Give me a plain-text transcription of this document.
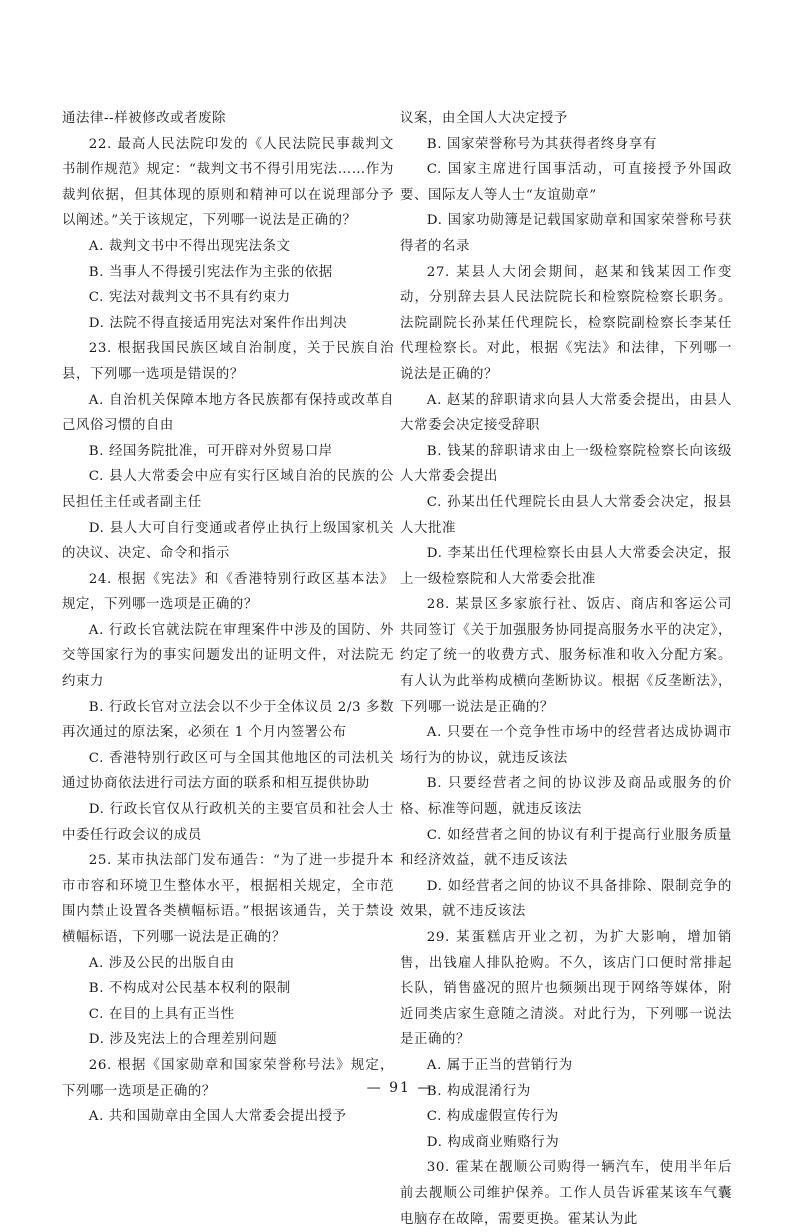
通法律--样被修改或者废除

22. 最高人民法院印发的《人民法院民事裁判文书制作规范》规定：“裁判文书不得引用宪法……作为裁判依据，但其体现的原则和精神可以在说理部分予以阐述。”关于该规定，下列哪一说法是正确的？

A. 裁判文书中不得出现宪法条文

B. 当事人不得援引宪法作为主张的依据

C. 宪法对裁判文书不具有约束力

D. 法院不得直接适用宪法对案件作出判决

23. 根据我国民族区域自治制度，关于民族自治县，下列哪一选项是错误的？

A. 自治机关保障本地方各民族都有保持或改革自己风俗习惯的自由

B. 经国务院批准，可开辟对外贸易口岸

C. 县人大常委会中应有实行区域自治的民族的公民担任主任或者副主任

D. 县人大可自行变通或者停止执行上级国家机关的决议、决定、命令和指示

24. 根据《宪法》和《香港特别行政区基本法》规定，下列哪一选项是正确的？

A. 行政长官就法院在审理案件中涉及的国防、外交等国家行为的事实问题发出的证明文件，对法院无约束力

B. 行政长官对立法会以不少于全体议员 2/3 多数再次通过的原法案，必须在 1 个月内签署公布

C. 香港特别行政区可与全国其他地区的司法机关通过协商依法进行司法方面的联系和相互提供协助

D. 行政长官仅从行政机关的主要官员和社会人士中委任行政会议的成员

25. 某市执法部门发布通告：“为了进一步提升本市市容和环境卫生整体水平，根据相关规定，全市范围内禁止设置各类横幅标语。”根据该通告，关于禁设横幅标语，下列哪一说法是正确的？

A. 涉及公民的出版自由

B. 不构成对公民基本权利的限制

C. 在目的上具有正当性

D. 涉及宪法上的合理差别问题

26. 根据《国家勋章和国家荣誉称号法》规定，下列哪一选项是正确的？

A. 共和国勋章由全国人大常委会提出授予

议案，由全国人大决定授予

B. 国家荣誉称号为其获得者终身享有

C. 国家主席进行国事活动，可直接授予外国政要、国际友人等人士“友谊勋章”

D. 国家功勋簿是记载国家勋章和国家荣誉称号获得者的名录

27. 某县人大闭会期间，赵某和钱某因工作变动，分别辞去县人民法院院长和检察院检察长职务。法院副院长孙某任代理院长，检察院副检察长李某任代理检察长。对此，根据《宪法》和法律，下列哪一说法是正确的？

A. 赵某的辞职请求向县人大常委会提出，由县人大常委会决定接受辞职

B. 钱某的辞职请求由上一级检察院检察长向该级人大常委会提出

C. 孙某出任代理院长由县人大常委会决定，报县人大批准

D. 李某出任代理检察长由县人大常委会决定，报上一级检察院和人大常委会批准

28. 某景区多家旅行社、饭店、商店和客运公司共同签订《关于加强服务协同提高服务水平的决定》，约定了统一的收费方式、服务标准和收入分配方案。有人认为此举构成横向垄断协议。根据《反垄断法》，下列哪一说法是正确的？

A. 只要在一个竞争性市场中的经营者达成协调市场行为的协议，就违反该法

B. 只要经营者之间的协议涉及商品或服务的价格、标准等问题，就违反该法

C. 如经营者之间的协议有利于提高行业服务质量和经济效益，就不违反该法

D. 如经营者之间的协议不具备排除、限制竞争的效果，就不违反该法

29. 某蛋糕店开业之初，为扩大影响，增加销售，出钱雇人排队抢购。不久，该店门口便时常排起长队，销售盛况的照片也频频出现于网络等媒体，附近同类店家生意随之清淡。对此行为，下列哪一说法是正确的？

A. 属于正当的营销行为

B. 构成混淆行为

C. 构成虚假宣传行为

D. 构成商业贿赂行为

30. 霍某在靓顺公司购得一辆汽车，使用半年后前去靓顺公司维护保养。工作人员告诉霍某该车气囊电脑存在故障，需要更换。霍某认为此

— 91 —
